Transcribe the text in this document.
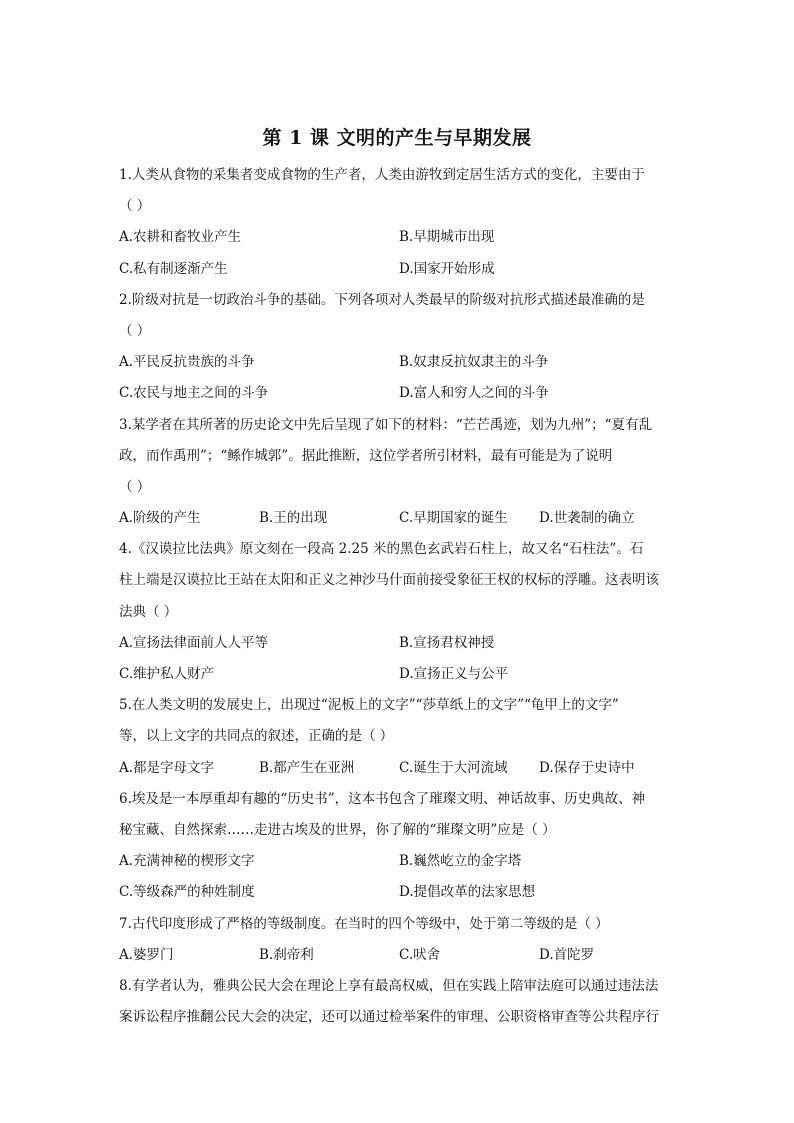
第 1 课 文明的产生与早期发展
1.人类从食物的采集者变成食物的生产者，人类由游牧到定居生活方式的变化，主要由于
（ ）
A.农耕和畜牧业产生	B.早期城市出现
C.私有制逐渐产生	D.国家开始形成
2.阶级对抗是一切政治斗争的基础。下列各项对人类最早的阶级对抗形式描述最准确的是
（ ）
A.平民反抗贵族的斗争	B.奴隶反抗奴隶主的斗争
C.农民与地主之间的斗争	D.富人和穷人之间的斗争
3.某学者在其所著的历史论文中先后呈现了如下的材料：“芒芒禹迹，划为九州”；“夏有乱
政，而作禹刑”；“鲧作城郭”。据此推断，这位学者所引材料，最有可能是为了说明
（ ）
A.阶级的产生	B.王的出现	C.早期国家的诞生	D.世袭制的确立
4.《汉谟拉比法典》原文刻在一段高 2.25 米的黑色玄武岩石柱上，故又名“石柱法”。石
柱上端是汉谟拉比王站在太阳和正义之神沙马什面前接受象征王权的权标的浮雕。这表明该
法典（ ）
A.宣扬法律面前人人平等	B.宣扬君权神授
C.维护私人财产	D.宣扬正义与公平
5.在人类文明的发展史上，出现过“泥板上的文字”“莎草纸上的文字”“龟甲上的文字”
等，以上文字的共同点的叙述，正确的是（ ）
A.都是字母文字	B.都产生在亚洲	C.诞生于大河流域	D.保存于史诗中
6.埃及是一本厚重却有趣的“历史书”，这本书包含了璀璨文明、神话故事、历史典故、神
秘宝藏、自然探索……走进古埃及的世界，你了解的“璀璨文明”应是（ ）
A.充满神秘的楔形文字	B.巍然屹立的金字塔
C.等级森严的种姓制度	D.提倡改革的法家思想
7.古代印度形成了严格的等级制度。在当时的四个等级中，处于第二等级的是（ ）
A.婆罗门	B.刹帝利	C.吠舍	D.首陀罗
8.有学者认为，雅典公民大会在理论上享有最高权威，但在实践上陪审法庭可以通过违法法
案诉讼程序推翻公民大会的决定，还可以通过检举案件的审理、公职资格审查等公共程序行
